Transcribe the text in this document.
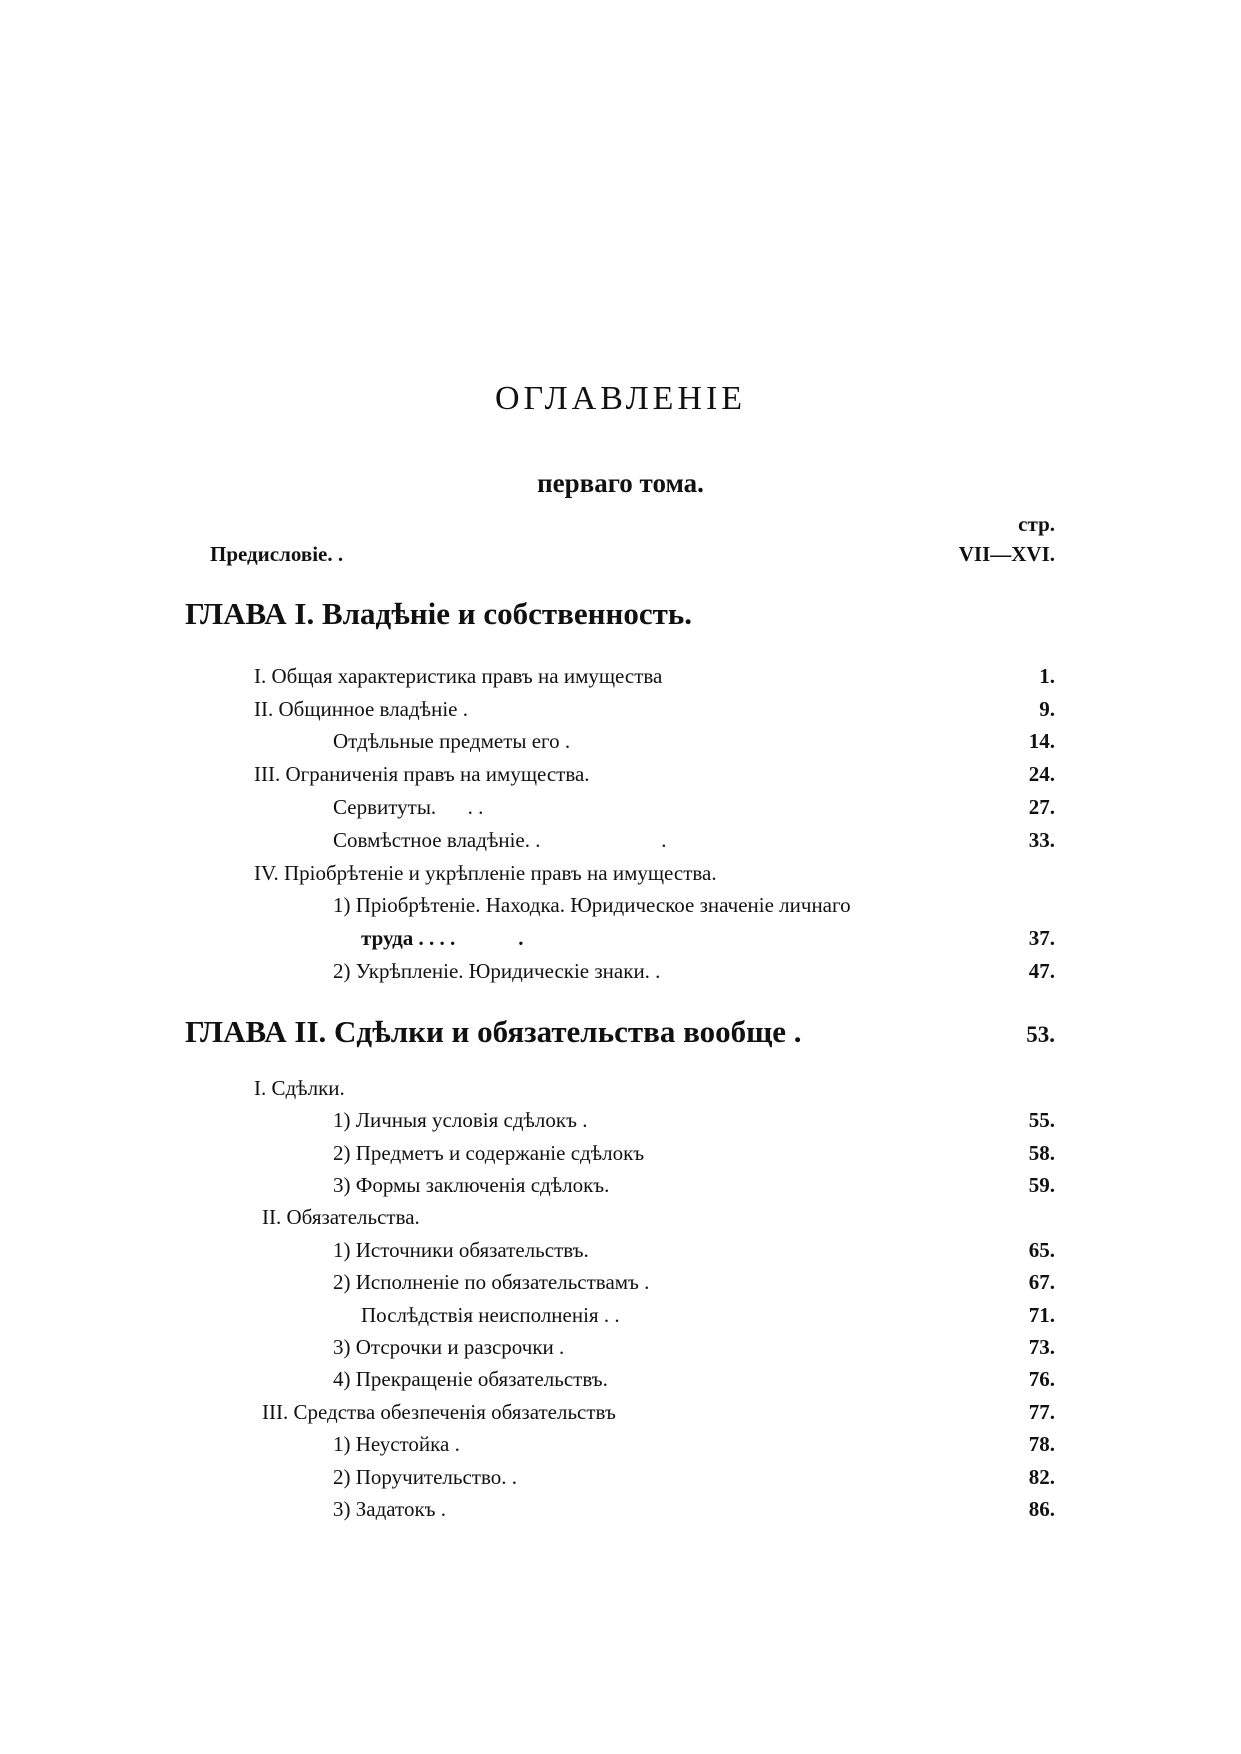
ОГЛАВЛЕНIЕ
перваго тома.
стр.
Предисловiе. .	VII—XVI.
ГЛАВА I. Владѣнiе и собственность.
I. Общая характеристика правъ на имущества	1.
II. Общинное владѣнiе .	9.
Отдѣльные предметы его .	14.
III. Ограниченiя правъ на имущества.	24.
Сервитуты.      . .	27.
Совмѣстное владѣнiе. .                       .	33.
IV. Прiобрѣтенiе и укрѣпленiе правъ на имущества.
1) Прiобрѣтенiе. Находка. Юридическое значенiе личнаго
труда . . . .            .	37.
2) Укрѣпленiе. Юридическiе знаки. .	47.
ГЛАВА II. Сдѣлки и обязательства вообще .	53.
I. Сдѣлки.
1) Личныя условiя сдѣлокъ .	55.
2) Предметъ и содержанiе сдѣлокъ	58.
3) Формы заключенiя сдѣлокъ.	59.
II. Обязательства.
1) Источники обязательствъ.	65.
2) Исполненiе по обязательствамъ .	67.
Послѣдствiя неисполненiя . .	71.
3) Отсрочки и разсрочки .	73.
4) Прекращенiе обязательствъ.	76.
III. Средства обезпеченiя обязательствъ	77.
1) Неустойка .	78.
2) Поручительство. .	82.
3) Задатокъ .	86.
